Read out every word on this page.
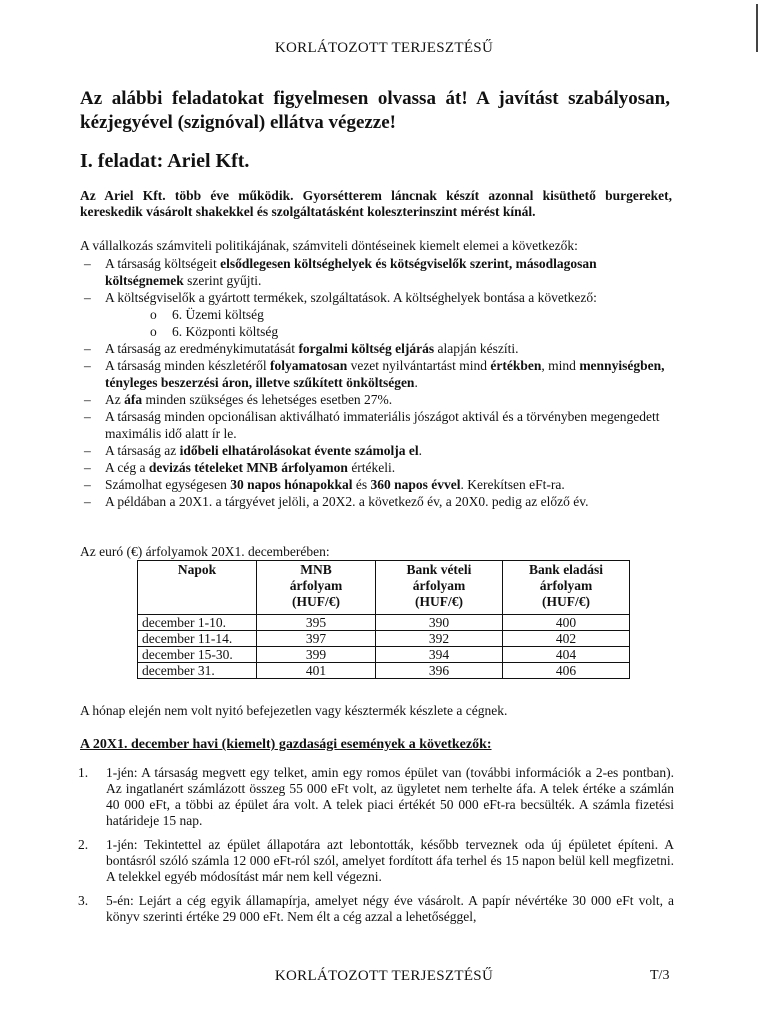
KORLÁTOZOTT TERJESZTÉSŰ
Az alábbi feladatokat figyelmesen olvassa át! A javítást szabályosan, kézjegyével (szignóval) ellátva végezze!
I. feladat: Ariel Kft.
Az Ariel Kft. több éve működik. Gyorsétterem láncnak készít azonnal kisüthető burgereket, kereskedik vásárolt shakekkel és szolgáltatásként koleszterinszint mérést kínál.
A vállalkozás számviteli politikájának, számviteli döntéseinek kiemelt elemei a következők:
– A társaság költségeit elsődlegesen költséghelyek és kötségviselők szerint, másodlagosan költségnemek szerint gyűjti.
– A költségviselők a gyártott termékek, szolgáltatások. A költséghelyek bontása a következő:
o 6. Üzemi költség
o 6. Központi költség
– A társaság az eredménykimutatását forgalmi költség eljárás alapján készíti.
– A társaság minden készletéről folyamatosan vezet nyilvántartást mind értékben, mind mennyiségben, tényleges beszerzési áron, illetve szűkített önköltségen.
– Az áfa minden szükséges és lehetséges esetben 27%.
– A társaság minden opcionálisan aktiválható immateriális jószágot aktivál és a törvényben megengedett maximális idő alatt ír le.
– A társaság az időbeli elhatárolásokat évente számolja el.
– A cég a devizás tételeket MNB árfolyamon értékeli.
– Számolhat egységesen 30 napos hónapokkal és 360 napos évvel. Kerekítsen eFt-ra.
– A példában a 20X1. a tárgyévet jelöli, a 20X2. a következő év, a 20X0. pedig az előző év.
Az euró (€) árfolyamok 20X1. decemberében:
Napok	MNB
árfolyam
(HUF/€)	Bank vételi
árfolyam
(HUF/€)	Bank eladási
árfolyam
(HUF/€)
december 1-10.	395	390	400
december 11-14.	397	392	402
december 15-30.	399	394	404
december 31.	401	396	406
A hónap elején nem volt nyitó befejezetlen vagy késztermék készlete a cégnek.
A 20X1. december havi (kiemelt) gazdasági események a következők:
1. 1-jén: A társaság megvett egy telket, amin egy romos épület van (további információk a 2-es pontban). Az ingatlanért számlázott összeg 55 000 eFt volt, az ügyletet nem terhelte áfa. A telek értéke a számlán 40 000 eFt, a többi az épület ára volt. A telek piaci értékét 50 000 eFt-ra becsülték. A számla fizetési határideje 15 nap.
2. 1-jén: Tekintettel az épület állapotára azt lebontották, később terveznek oda új épületet építeni. A bontásról szóló számla 12 000 eFt-ról szól, amelyet fordított áfa terhel és 15 napon belül kell megfizetni. A telekkel egyéb módosítást már nem kell végezni.
3. 5-én: Lejárt a cég egyik államapírja, amelyet négy éve vásárolt. A papír névértéke 30 000 eFt volt, a könyv szerinti értéke 29 000 eFt. Nem élt a cég azzal a lehetőséggel,
KORLÁTOZOTT TERJESZTÉSŰ	T/3
